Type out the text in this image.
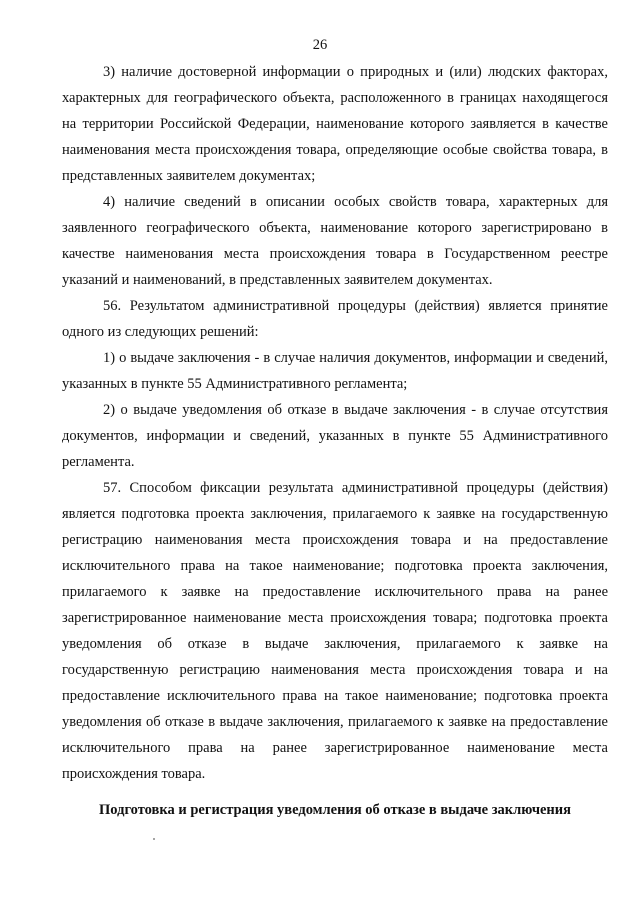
26

3) наличие достоверной информации о природных и (или) людских факторах, характерных для географического объекта, расположенного в границах находящегося на территории Российской Федерации, наименование которого заявляется в качестве наименования места происхождения товара, определяющие особые свойства товара, в представленных заявителем документах;

4) наличие сведений в описании особых свойств товара, характерных для заявленного географического объекта, наименование которого зарегистрировано в качестве наименования места происхождения товара в Государственном реестре указаний и наименований, в представленных заявителем документах.

56. Результатом административной процедуры (действия) является принятие одного из следующих решений:

1) о выдаче заключения - в случае наличия документов, информации и сведений, указанных в пункте 55 Административного регламента;

2) о выдаче уведомления об отказе в выдаче заключения - в случае отсутствия документов, информации и сведений, указанных в пункте 55 Административного регламента.

57. Способом фиксации результата административной процедуры (действия) является подготовка проекта заключения, прилагаемого к заявке на государственную регистрацию наименования места происхождения товара и на предоставление исключительного права на такое наименование; подготовка проекта заключения, прилагаемого к заявке на предоставление исключительного права на ранее зарегистрированное наименование места происхождения товара; подготовка проекта уведомления об отказе в выдаче заключения, прилагаемого к заявке на государственную регистрацию наименования места происхождения товара и на предоставление исключительного права на такое наименование; подготовка проекта уведомления об отказе в выдаче заключения, прилагаемого к заявке на предоставление исключительного права на ранее зарегистрированное наименование места происхождения товара.

Подготовка и регистрация уведомления об отказе в выдаче заключения
